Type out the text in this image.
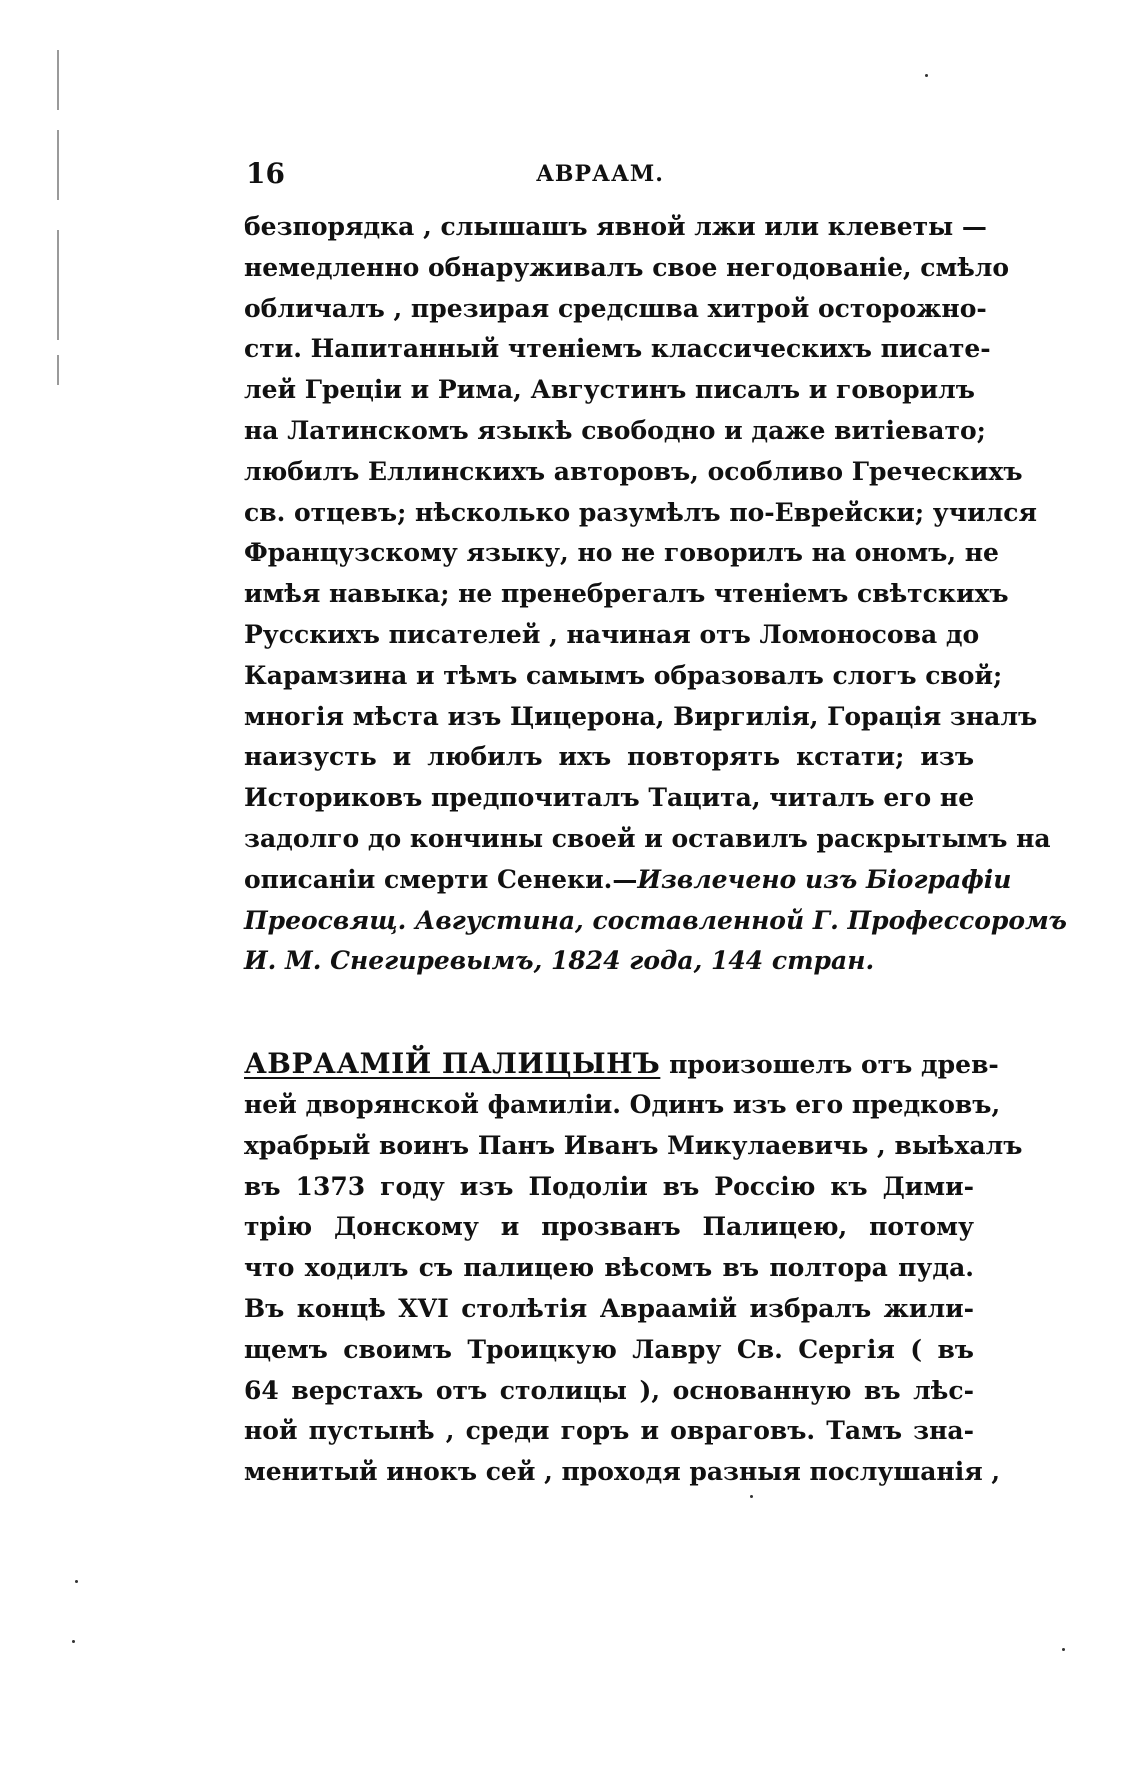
16	АВРААМ.
безпорядка , слышашъ явной лжи или клеветы —
немедленно обнаруживалъ свое негодованіе, смѣло
обличалъ , презирая средсшва хитрой осторожно-
сти. Напитанный чтеніемъ классическихъ писате-
лей Греціи и Рима, Августинъ писалъ и говорилъ
на Латинскомъ языкѣ свободно и даже витіевато;
любилъ Еллинскихъ авторовъ, особливо Греческихъ
св. отцевъ; нѣсколько разумѣлъ по-Еврейски; учился
Французскому языку, но не говорилъ на ономъ, не
имѣя навыка; не пренебрегалъ чтеніемъ свѣтскихъ
Русскихъ писателей , начиная отъ Ломоносова до
Карамзина и тѣмъ самымъ образовалъ слогъ свой;
многія мѣста изъ Цицерона, Виргилія, Горація зналъ
наизусть и любилъ ихъ повторять кстати; изъ
Историковъ предпочиталъ Тацита, читалъ его не
задолго до кончины своей и оставилъ раскрытымъ на
описаніи смерти Сенеки.—Извлечено изъ Біографіи
Преосвящ. Августина, составленной Г. Профессоромъ
И. М. Снегиревымъ, 1824 года, 144 стран.
АВРААМІЙ ПАЛИЦЫНЪ произошелъ отъ древ-
ней дворянской фамиліи. Одинъ изъ его предковъ,
храбрый воинъ Панъ Иванъ Микулаевичь , выѣхалъ
въ 1373 году изъ Подоліи въ Россію къ Дими-
трію Донскому и прозванъ Палицею, потому
что ходилъ съ палицею вѣсомъ въ полтора пуда.
Въ концѣ XVI столѣтія Авраамій избралъ жили-
щемъ своимъ Троицкую Лавру Св. Сергія ( въ
64 верстахъ отъ столицы ), основанную въ лѣс-
ной пустынѣ , среди горъ и овраговъ. Тамъ зна-
менитый инокъ сей , проходя разныя послушанія ,
